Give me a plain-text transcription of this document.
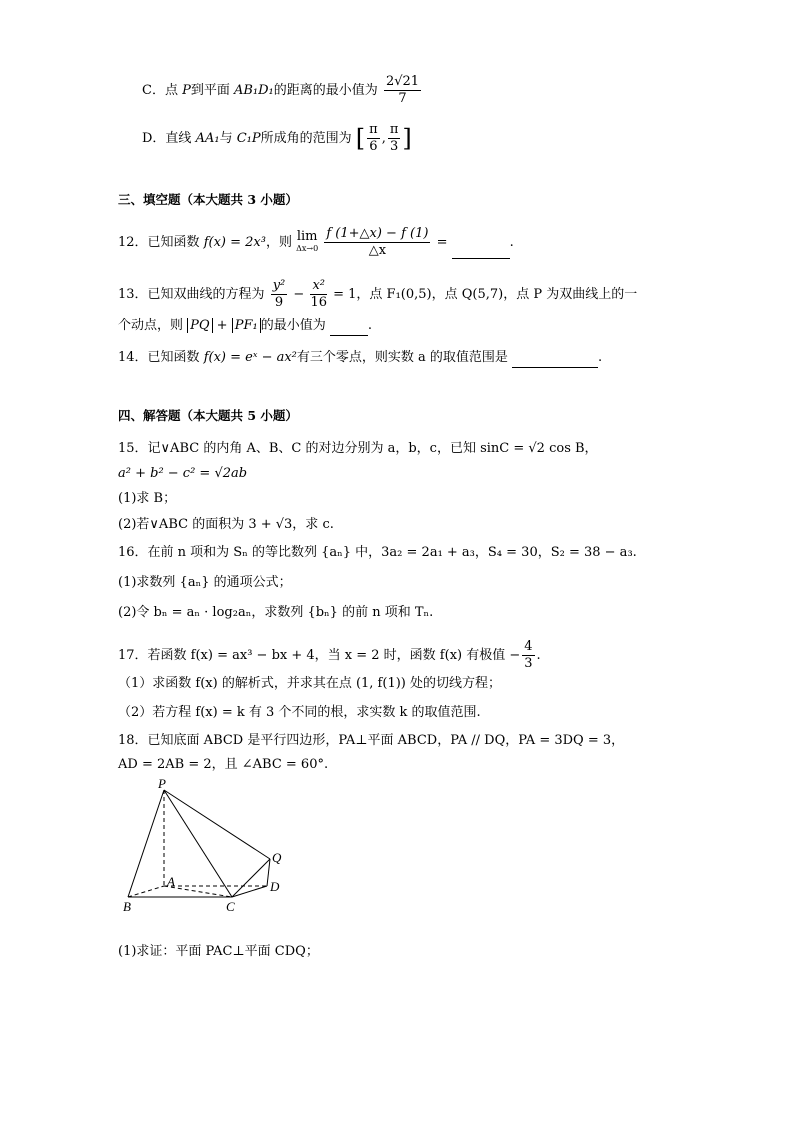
C．点 P到平面 AB₁D₁的距离的最小值为 $\frac{2√21}{7}$
D．直线 AA₁与 C₁P所成角的范围为 [ $\frac{\pi}{6}$ , $\frac{\pi}{3}$ ]
三、填空题（本大题共 3 小题）
12．已知函数 f(x) = 2x³，则 lim
Δx→0
$\frac{f (1+\triangle x) - f (1)}{\triangle x}$ =	.
13．已知双曲线的方程为 $\frac{\text{y²}}{9} - \frac{\text{x²}}{16} = 1$，点 F₁(0,5)，点 Q(5,7)，点 P 为双曲线上的一
个动点，则 PQ + PF₁ 的最小值为	.
14．已知函数 f(x) = eˣ − ax²有三个零点，则实数 a 的取值范围是	.
四、解答题（本大题共 5 小题）
15．记∨ABC 的内角 A、B、C 的对边分别为 a，b，c，已知 sinC = √2 cos B，
a² + b² − c² = √2ab
(1)求 B；
(2)若∨ABC 的面积为 3 + √3，求 c.
16．在前 n 项和为 Sₙ 的等比数列 {aₙ} 中，3a₂ = 2a₁ + a₃，S₄ = 30，S₂ = 38 − a₃.
(1)求数列 {aₙ} 的通项公式；
(2)令 bₙ = aₙ · log₂aₙ，求数列 {bₙ} 的前 n 项和 Tₙ.
17．若函数 f(x) = ax³ − bx + 4，当 x = 2 时，函数 f(x) 有极值 − $\frac{4}{3}$ .
（1）求函数 f(x) 的解析式，并求其在点 (1, f(1)) 处的切线方程；
（2）若方程 f(x) = k 有 3 个不同的根，求实数 k 的取值范围.
18．已知底面 ABCD 是平行四边形，PA⊥平面 ABCD，PA // DQ，PA = 3DQ = 3，
AD = 2AB = 2，且 ∠ABC = 60°.
P
Q
A	D
B	C
(1)求证：平面 PAC⊥平面 CDQ；
